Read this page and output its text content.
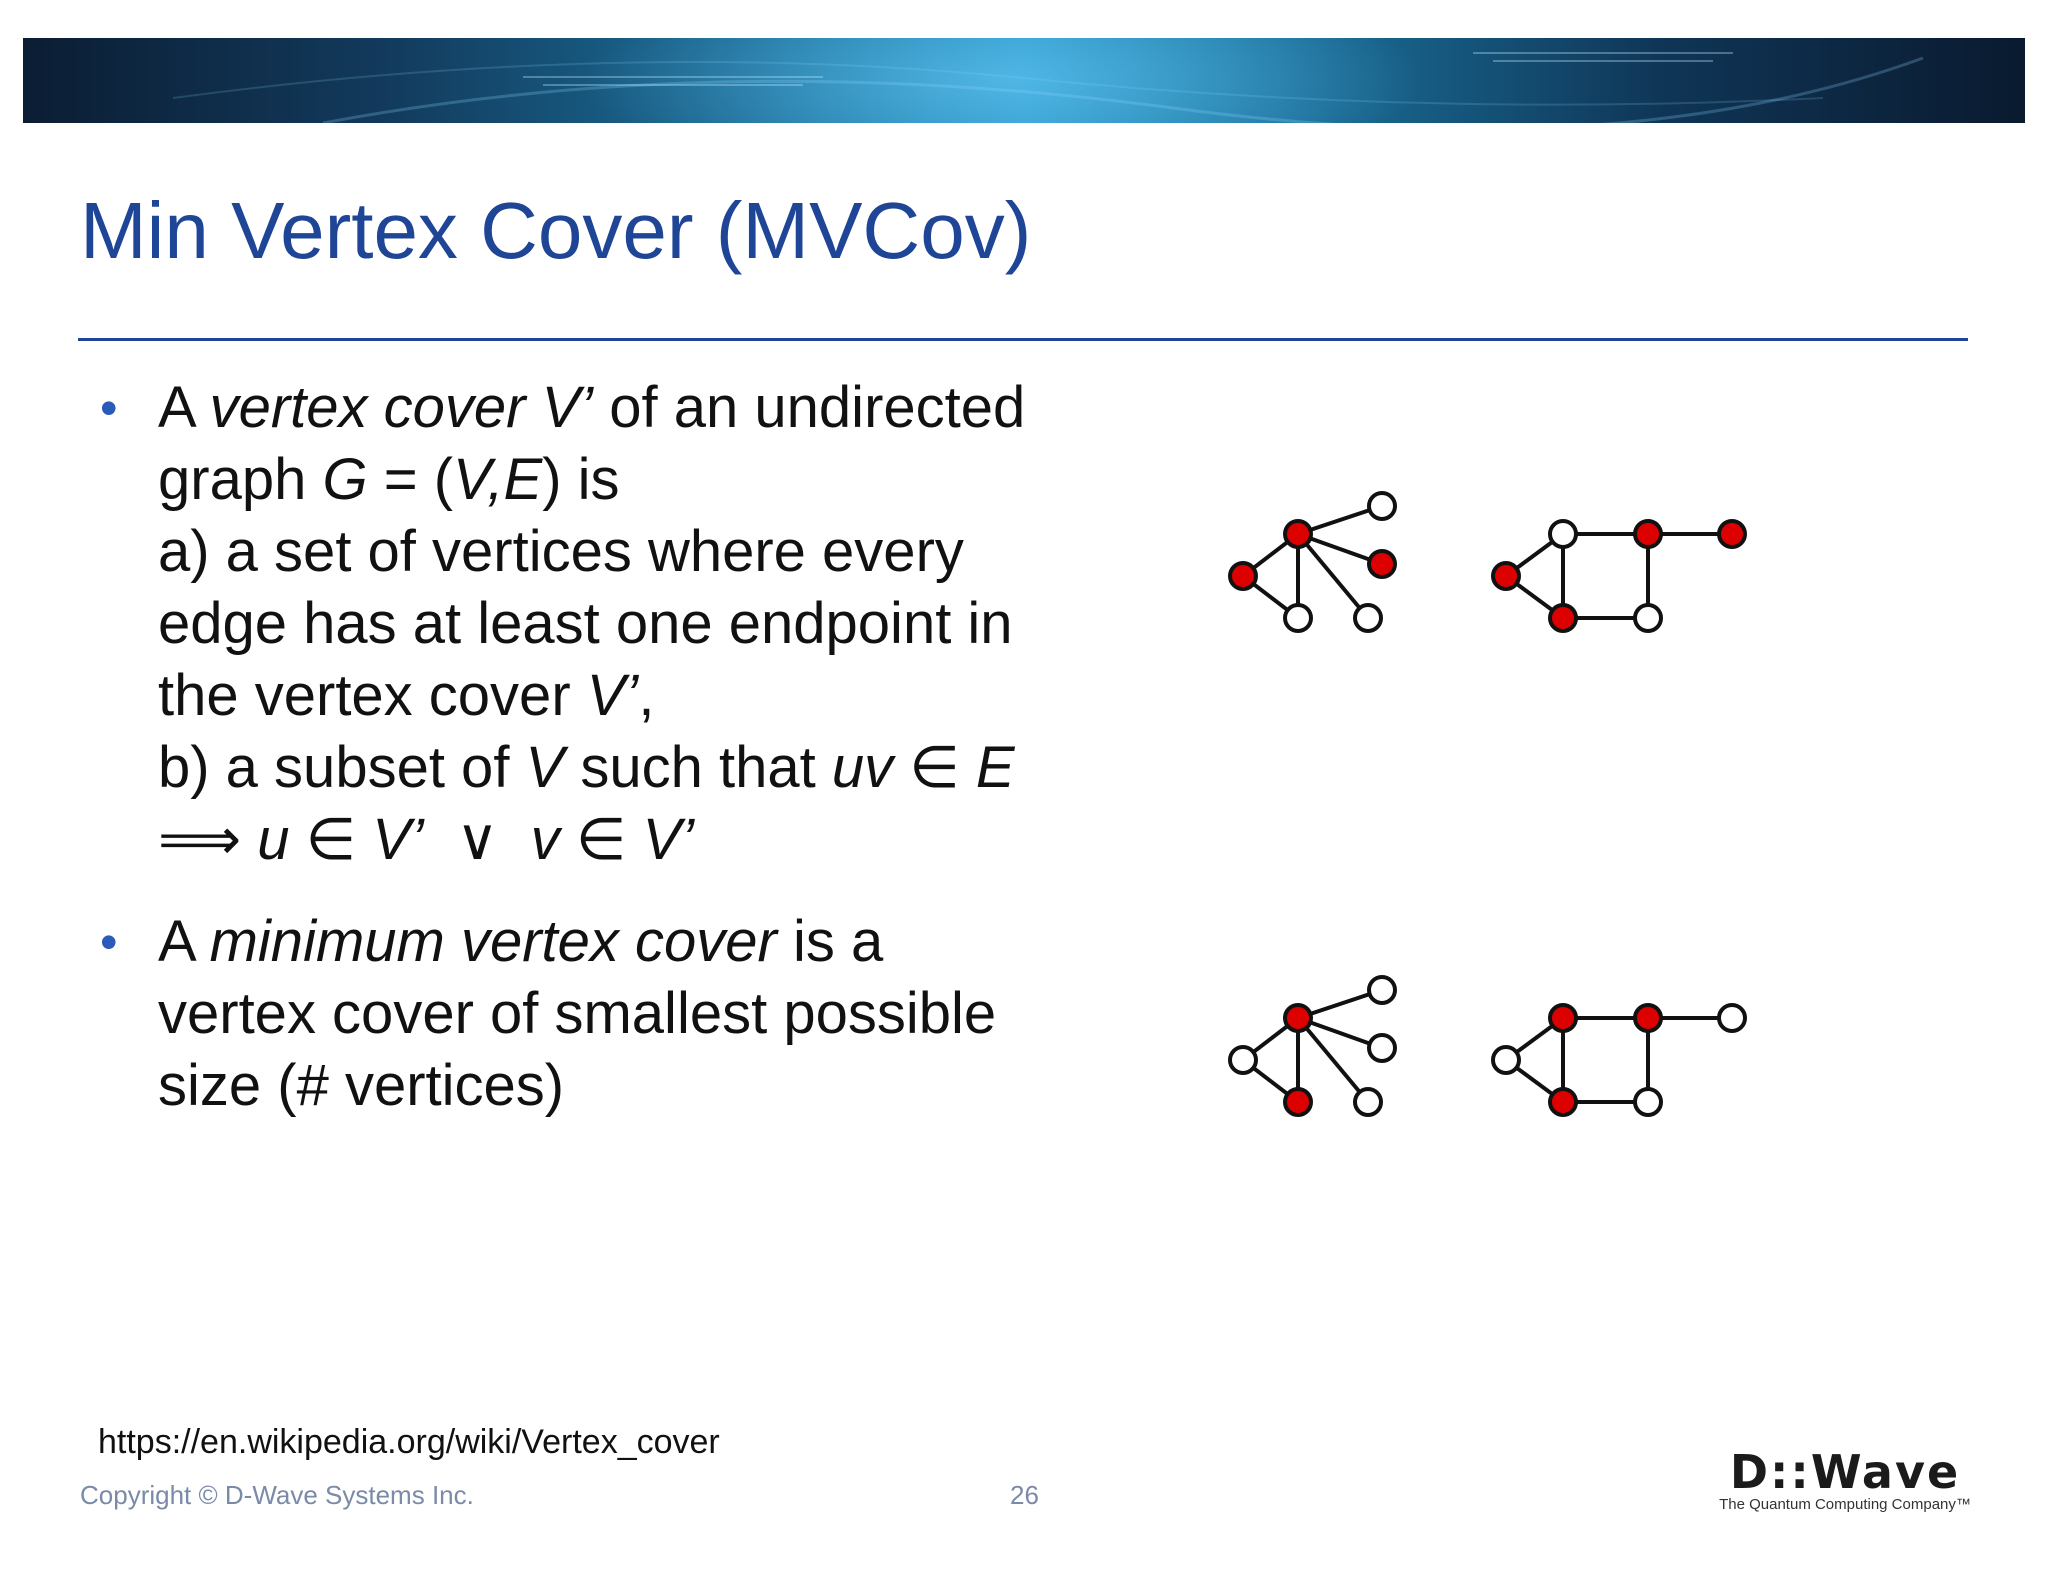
Min Vertex Cover (MVCov)
• A vertex cover V’ of an undirected
graph G = (V,E) is
a) a set of vertices where every
edge has at least one endpoint in
the vertex cover V’,
b) a subset of V such that uv ∈ E
⟹ u ∈ V’  ∨  v ∈ V’
• A minimum vertex cover is a
vertex cover of smallest possible
size (# vertices)
https://en.wikipedia.org/wiki/Vertex_cover
Copyright © D-Wave Systems Inc.	26	D::Wave
The Quantum Computing Company™
